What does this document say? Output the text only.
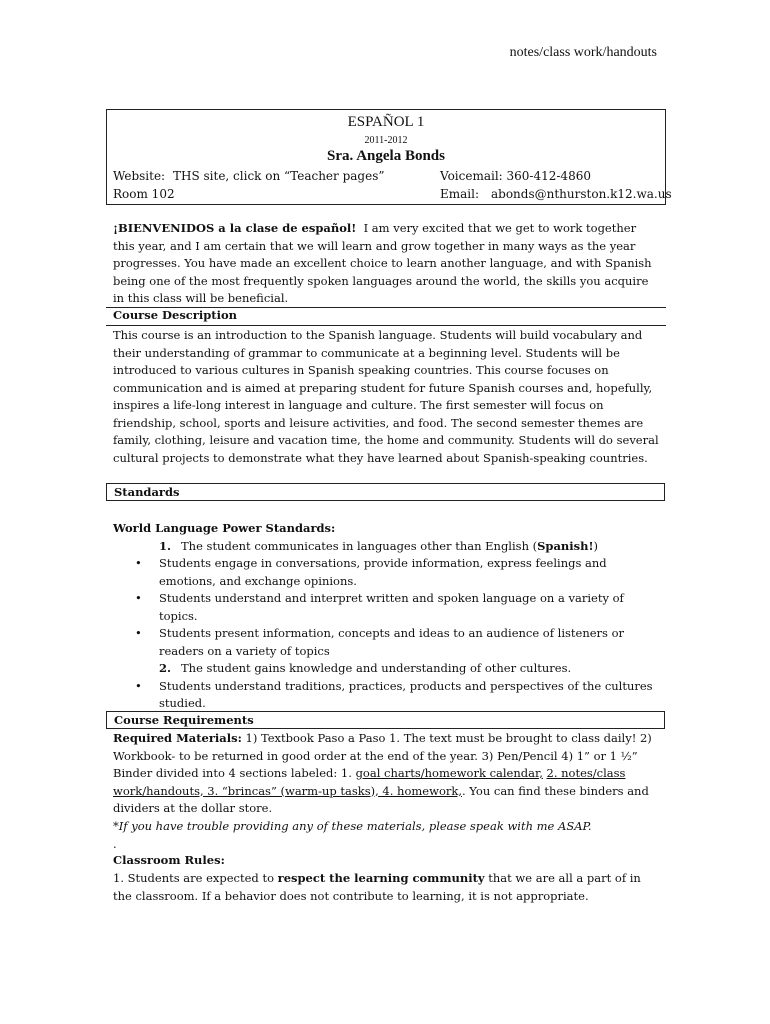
notes/class work/handouts
ESPAÑOL 1
2011-2012
Sra. Angela Bonds
Website: THS site, click on “Teacher pages”
Room 102
Voicemail: 360-412-4860
Email: abonds@nthurston.k12.wa.us
¡BIENVENIDOS a la clase de español! I am very excited that we get to work together this year, and I am certain that we will learn and grow together in many ways as the year progresses. You have made an excellent choice to learn another language, and with Spanish being one of the most frequently spoken languages around the world, the skills you acquire in this class will be beneficial.
Course Description
This course is an introduction to the Spanish language. Students will build vocabulary and their understanding of grammar to communicate at a beginning level. Students will be introduced to various cultures in Spanish speaking countries. This course focuses on communication and is aimed at preparing student for future Spanish courses and, hopefully, inspires a life-long interest in language and culture. The first semester will focus on friendship, school, sports and leisure activities, and food. The second semester themes are family, clothing, leisure and vacation time, the home and community. Students will do several cultural projects to demonstrate what they have learned about Spanish-speaking countries.
Standards
World Language Power Standards:
1. The student communicates in languages other than English (Spanish!)
• Students engage in conversations, provide information, express feelings and emotions, and exchange opinions.
• Students understand and interpret written and spoken language on a variety of topics.
• Students present information, concepts and ideas to an audience of listeners or readers on a variety of topics
2. The student gains knowledge and understanding of other cultures.
• Students understand traditions, practices, products and perspectives of the cultures studied.
Course Requirements
Required Materials: 1) Textbook Paso a Paso 1. The text must be brought to class daily! 2) Workbook- to be returned in good order at the end of the year. 3) Pen/Pencil 4) 1” or 1 ½” Binder divided into 4 sections labeled: 1. goal charts/homework calendar, 2. notes/class work/handouts, 3. “brincas” (warm-up tasks), 4. homework,. You can find these binders and dividers at the dollar store.
*If you have trouble providing any of these materials, please speak with me ASAP.
.
Classroom Rules:
1. Students are expected to respect the learning community that we are all a part of in the classroom. If a behavior does not contribute to learning, it is not appropriate.
